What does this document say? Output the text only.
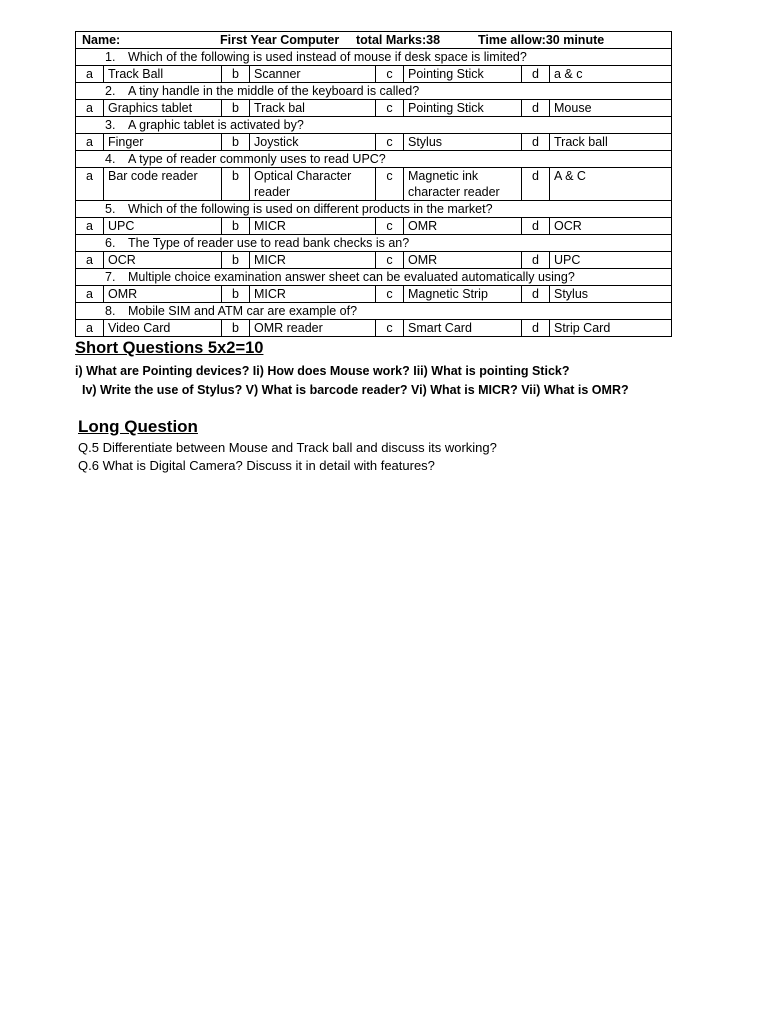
Name: First Year Computer total Marks:38 Time allow:30 minute							
1. Which of the following is used instead of mouse if desk space is limited?							
a	Track Ball	b	Scanner	c	Pointing Stick	d	a & c
2. A tiny handle in the middle of the keyboard is called?							
a	Graphics tablet	b	Track bal	c	Pointing Stick	d	Mouse
3. A graphic tablet is activated by?							
a	Finger	b	Joystick	c	Stylus	d	Track ball
4. A type of reader commonly uses to read UPC?							
a	Bar code reader	b	Optical Character reader	c	Magnetic ink character reader	d	A & C
5. Which of the following is used on different products in the market?							
a	UPC	b	MICR	c	OMR	d	OCR
6. The Type of reader use to read bank checks is an?							
a	OCR	b	MICR	c	OMR	d	UPC
7. Multiple choice examination answer sheet can be evaluated automatically using?							
a	OMR	b	MICR	c	Magnetic Strip	d	Stylus
8. Mobile SIM and ATM car are example of?							
a	Video Card	b	OMR reader	c	Smart Card	d	Strip Card
Short Questions 5x2=10

i) What are Pointing devices? Ii) How does Mouse work? Iii) What is pointing Stick?

Iv) Write the use of Stylus? V) What is barcode reader? Vi) What is MICR? Vii) What is OMR?

Long Question

Q.5 Differentiate between Mouse and Track ball and discuss its working?

Q.6 What is Digital Camera? Discuss it in detail with features?
